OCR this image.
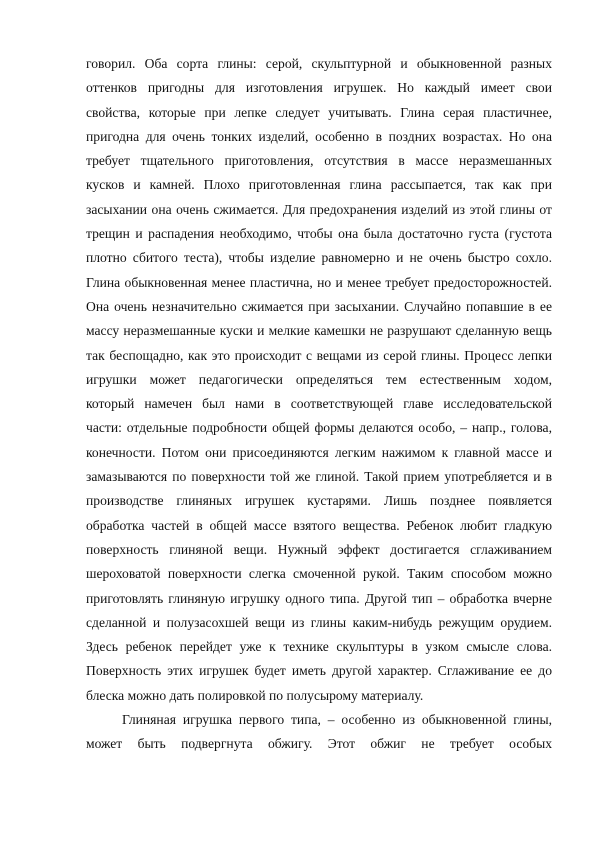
говорил. Оба сорта глины: серой, скульптурной и обыкновенной разных
оттенков пригодны для изготовления игрушек. Но каждый имеет свои
свойства, которые при лепке следует учитывать. Глина серая пластичнее,
пригодна для очень тонких изделий, особенно в поздних возрастах. Но она
требует тщательного приготовления, отсутствия в массе неразмешанных
кусков и камней. Плохо приготовленная глина рассыпается, так как при
засыхании она очень сжимается. Для предохранения изделий из этой глины от
трещин и распадения необходимо, чтобы она была достаточно густа (густота
плотно сбитого теста), чтобы изделие равномерно и не очень быстро сохло.
Глина обыкновенная менее пластична, но и менее требует предосторожностей.
Она очень незначительно сжимается при засыхании. Случайно попавшие в ее
массу неразмешанные куски и мелкие камешки не разрушают сделанную вещь
так беспощадно, как это происходит с вещами из серой глины. Процесс лепки
игрушки может педагогически определяться тем естественным ходом,
который намечен был нами в соответствующей главе исследовательской
части: отдельные подробности общей формы делаются особо, – напр., голова,
конечности. Потом они присоединяются легким нажимом к главной массе и
замазываются по поверхности той же глиной. Такой прием употребляется и в
производстве глиняных игрушек кустарями. Лишь позднее появляется
обработка частей в общей массе взятого вещества. Ребенок любит гладкую
поверхность глиняной вещи. Нужный эффект достигается сглаживанием
шероховатой поверхности слегка смоченной рукой. Таким способом можно
приготовлять глиняную игрушку одного типа. Другой тип – обработка вчерне
сделанной и полузасохшей вещи из глины каким-нибудь режущим орудием.
Здесь ребенок перейдет уже к технике скульптуры в узком смысле слова.
Поверхность этих игрушек будет иметь другой характер. Сглаживание ее до
блеска можно дать полировкой по полусырому материалу.
Глиняная игрушка первого типа, – особенно из обыкновенной глины,
может быть подвергнута обжигу. Этот обжиг не требует особых
